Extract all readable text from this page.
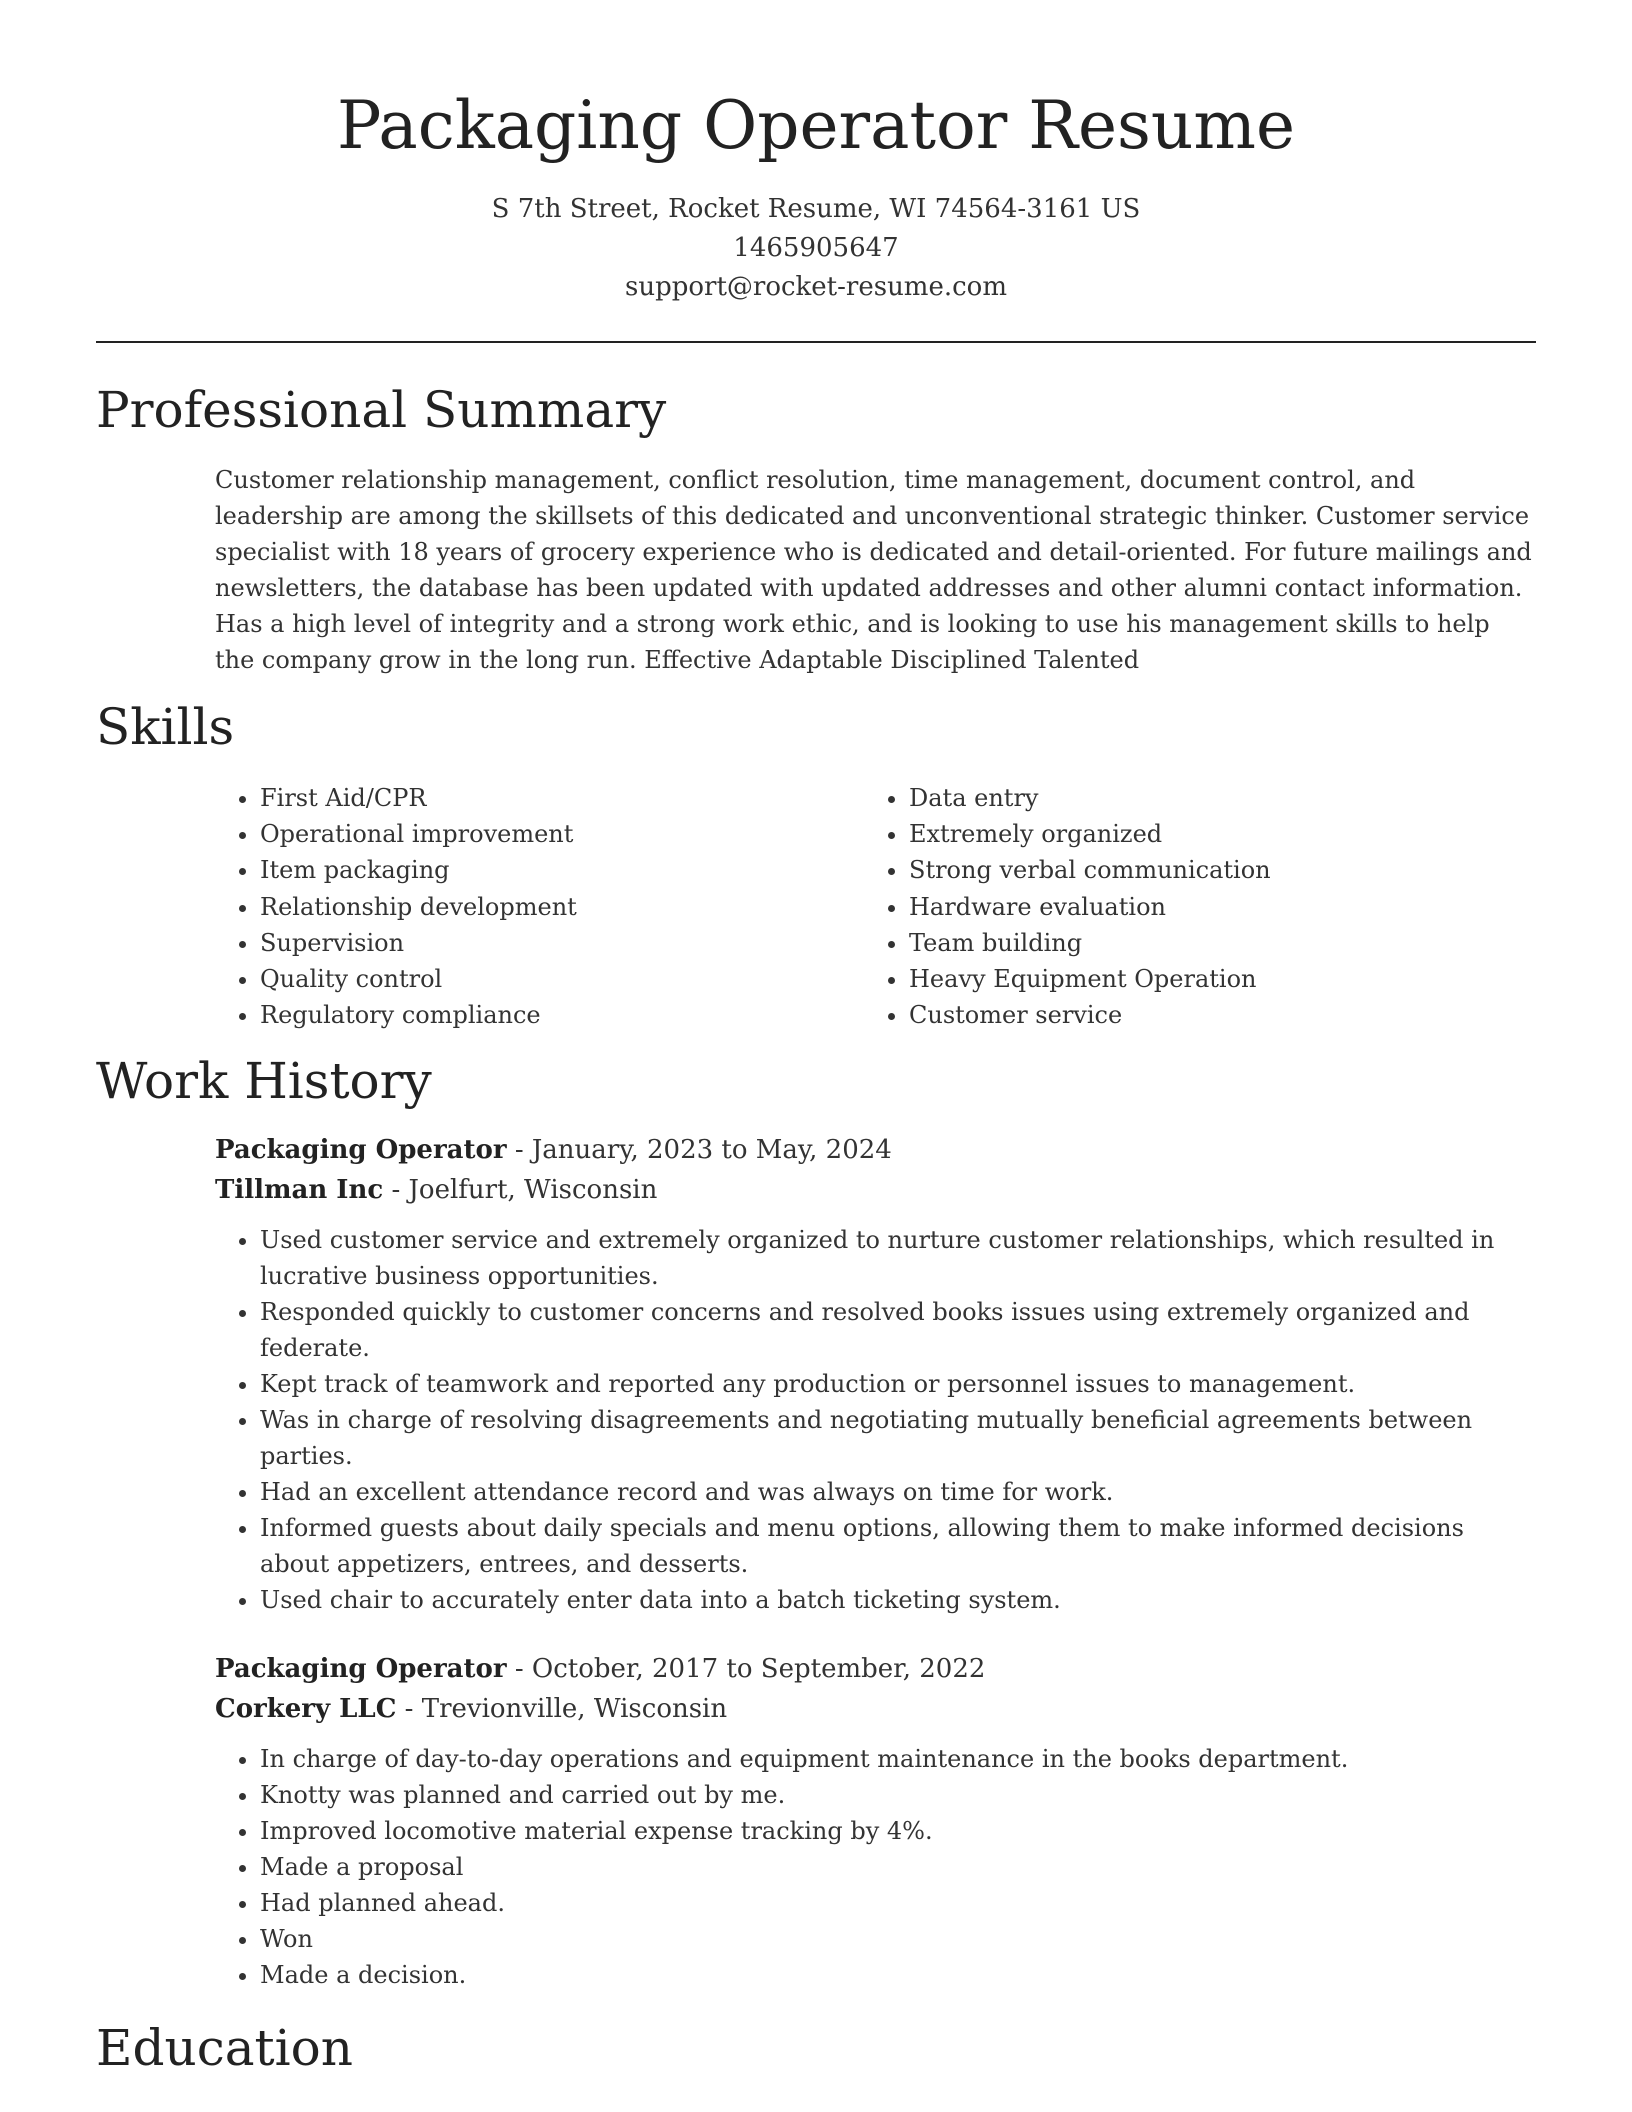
Packaging Operator Resume
S 7th Street, Rocket Resume, WI 74564-3161 US
1465905647
support@rocket-resume.com
Professional Summary

Customer relationship management, conflict resolution, time management, document control, and leadership are among the skillsets of this dedicated and unconventional strategic thinker. Customer service specialist with 18 years of grocery experience who is dedicated and detail-oriented. For future mailings and newsletters, the database has been updated with updated addresses and other alumni contact information. Has a high level of integrity and a strong work ethic, and is looking to use his management skills to help the company grow in the long run. Effective Adaptable Disciplined Talented

Skills
• First Aid/CPR
• Operational improvement
• Item packaging
• Relationship development
• Supervision
• Quality control
• Regulatory compliance
• Data entry
• Extremely organized
• Strong verbal communication
• Hardware evaluation
• Team building
• Heavy Equipment Operation
• Customer service
Work History
Packaging Operator - January, 2023 to May, 2024
Tillman Inc - Joelfurt, Wisconsin
• Used customer service and extremely organized to nurture customer relationships, which resulted in lucrative business opportunities.
• Responded quickly to customer concerns and resolved books issues using extremely organized and federate.
• Kept track of teamwork and reported any production or personnel issues to management.
• Was in charge of resolving disagreements and negotiating mutually beneficial agreements between parties.
• Had an excellent attendance record and was always on time for work.
• Informed guests about daily specials and menu options, allowing them to make informed decisions about appetizers, entrees, and desserts.
• Used chair to accurately enter data into a batch ticketing system.
Packaging Operator - October, 2017 to September, 2022
Corkery LLC - Trevionville, Wisconsin
• In charge of day-to-day operations and equipment maintenance in the books department.
• Knotty was planned and carried out by me.
• Improved locomotive material expense tracking by 4%.
• Made a proposal
• Had planned ahead.
• Won
• Made a decision.
Education
